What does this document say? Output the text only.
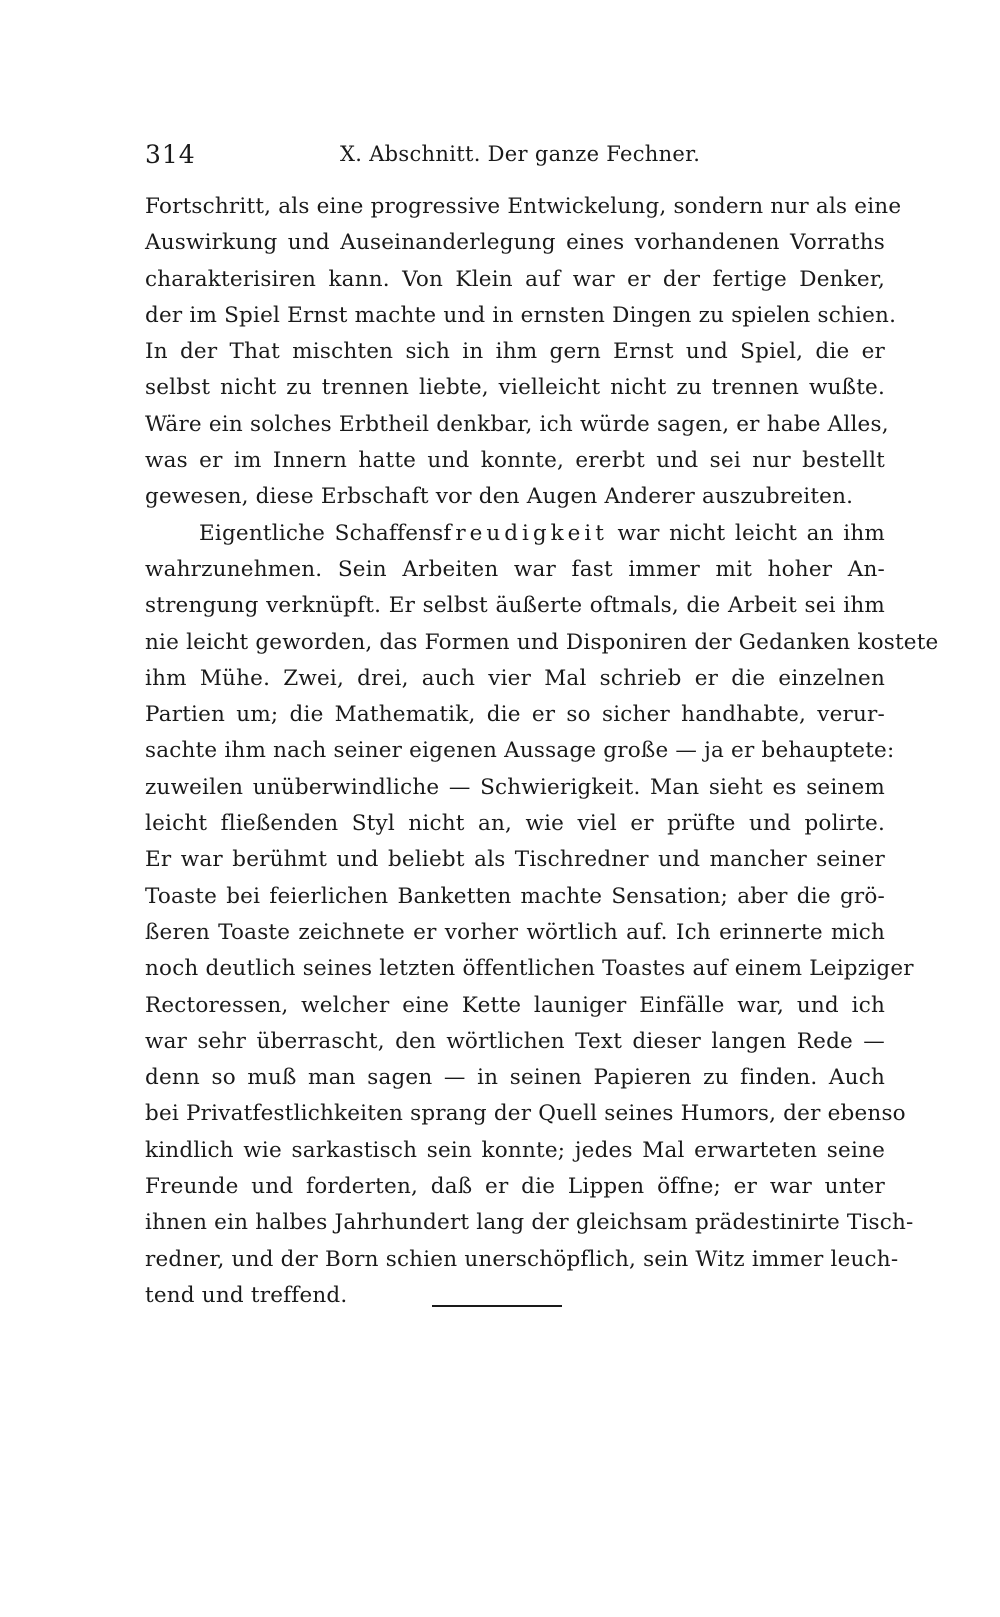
314	X. Abschnitt. Der ganze Fechner.
Fortschritt, als eine progressive Entwickelung, sondern nur als eine
Auswirkung und Auseinanderlegung eines vorhandenen Vorraths
charakterisiren kann. Von Klein auf war er der fertige Denker,
der im Spiel Ernst machte und in ernsten Dingen zu spielen schien.
In der That mischten sich in ihm gern Ernst und Spiel, die er
selbst nicht zu trennen liebte, vielleicht nicht zu trennen wußte.
Wäre ein solches Erbtheil denkbar, ich würde sagen, er habe Alles,
was er im Innern hatte und konnte, ererbt und sei nur bestellt
gewesen, diese Erbschaft vor den Augen Anderer auszubreiten.
Eigentliche Schaffensfreudigkeit war nicht leicht an ihm
wahrzunehmen. Sein Arbeiten war fast immer mit hoher An-
strengung verknüpft. Er selbst äußerte oftmals, die Arbeit sei ihm
nie leicht geworden, das Formen und Disponiren der Gedanken kostete
ihm Mühe. Zwei, drei, auch vier Mal schrieb er die einzelnen
Partien um; die Mathematik, die er so sicher handhabte, verur-
sachte ihm nach seiner eigenen Aussage große — ja er behauptete:
zuweilen unüberwindliche — Schwierigkeit. Man sieht es seinem
leicht fließenden Styl nicht an, wie viel er prüfte und polirte.
Er war berühmt und beliebt als Tischredner und mancher seiner
Toaste bei feierlichen Banketten machte Sensation; aber die grö-
ßeren Toaste zeichnete er vorher wörtlich auf. Ich erinnerte mich
noch deutlich seines letzten öffentlichen Toastes auf einem Leipziger
Rectoressen, welcher eine Kette launiger Einfälle war, und ich
war sehr überrascht, den wörtlichen Text dieser langen Rede —
denn so muß man sagen — in seinen Papieren zu finden. Auch
bei Privatfestlichkeiten sprang der Quell seines Humors, der ebenso
kindlich wie sarkastisch sein konnte; jedes Mal erwarteten seine
Freunde und forderten, daß er die Lippen öffne; er war unter
ihnen ein halbes Jahrhundert lang der gleichsam prädestinirte Tisch-
redner, und der Born schien unerschöpflich, sein Witz immer leuch-
tend und treffend.
